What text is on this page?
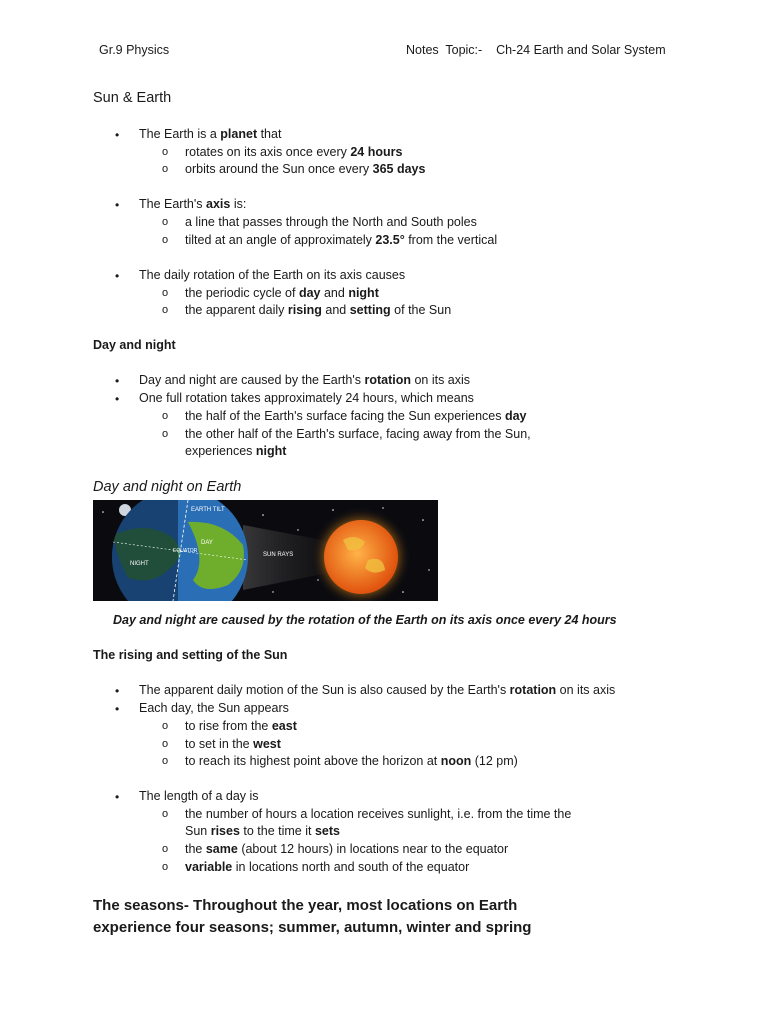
Gr.9 Physics	Notes  Topic:-    Ch-24 Earth and Solar System
Sun & Earth
• The Earth is a planet that
o rotates on its axis once every 24 hours
o orbits around the Sun once every 365 days
• The Earth's axis is:
o a line that passes through the North and South poles
o tilted at an angle of approximately 23.5° from the vertical
• The daily rotation of the Earth on its axis causes
o the periodic cycle of day and night
o the apparent daily rising and setting of the Sun
Day and night
• Day and night are caused by the Earth's rotation on its axis
• One full rotation takes approximately 24 hours, which means
o the half of the Earth's surface facing the Sun experiences day
o the other half of the Earth's surface, facing away from the Sun,
experiences night
Day and night on Earth
EARTH TILT
DAY
NIGHT
EQUATOR
SUN RAYS
Day and night are caused by the rotation of the Earth on its axis once every 24 hours
The rising and setting of the Sun
• The apparent daily motion of the Sun is also caused by the Earth's rotation on its axis
• Each day, the Sun appears
o to rise from the east
o to set in the west
o to reach its highest point above the horizon at noon (12 pm)
• The length of a day is
o the number of hours a location receives sunlight, i.e. from the time the
Sun rises to the time it sets
o the same (about 12 hours) in locations near to the equator
o variable in locations north and south of the equator
The seasons- Throughout the year, most locations on Earth
experience four seasons; summer, autumn, winter and spring
